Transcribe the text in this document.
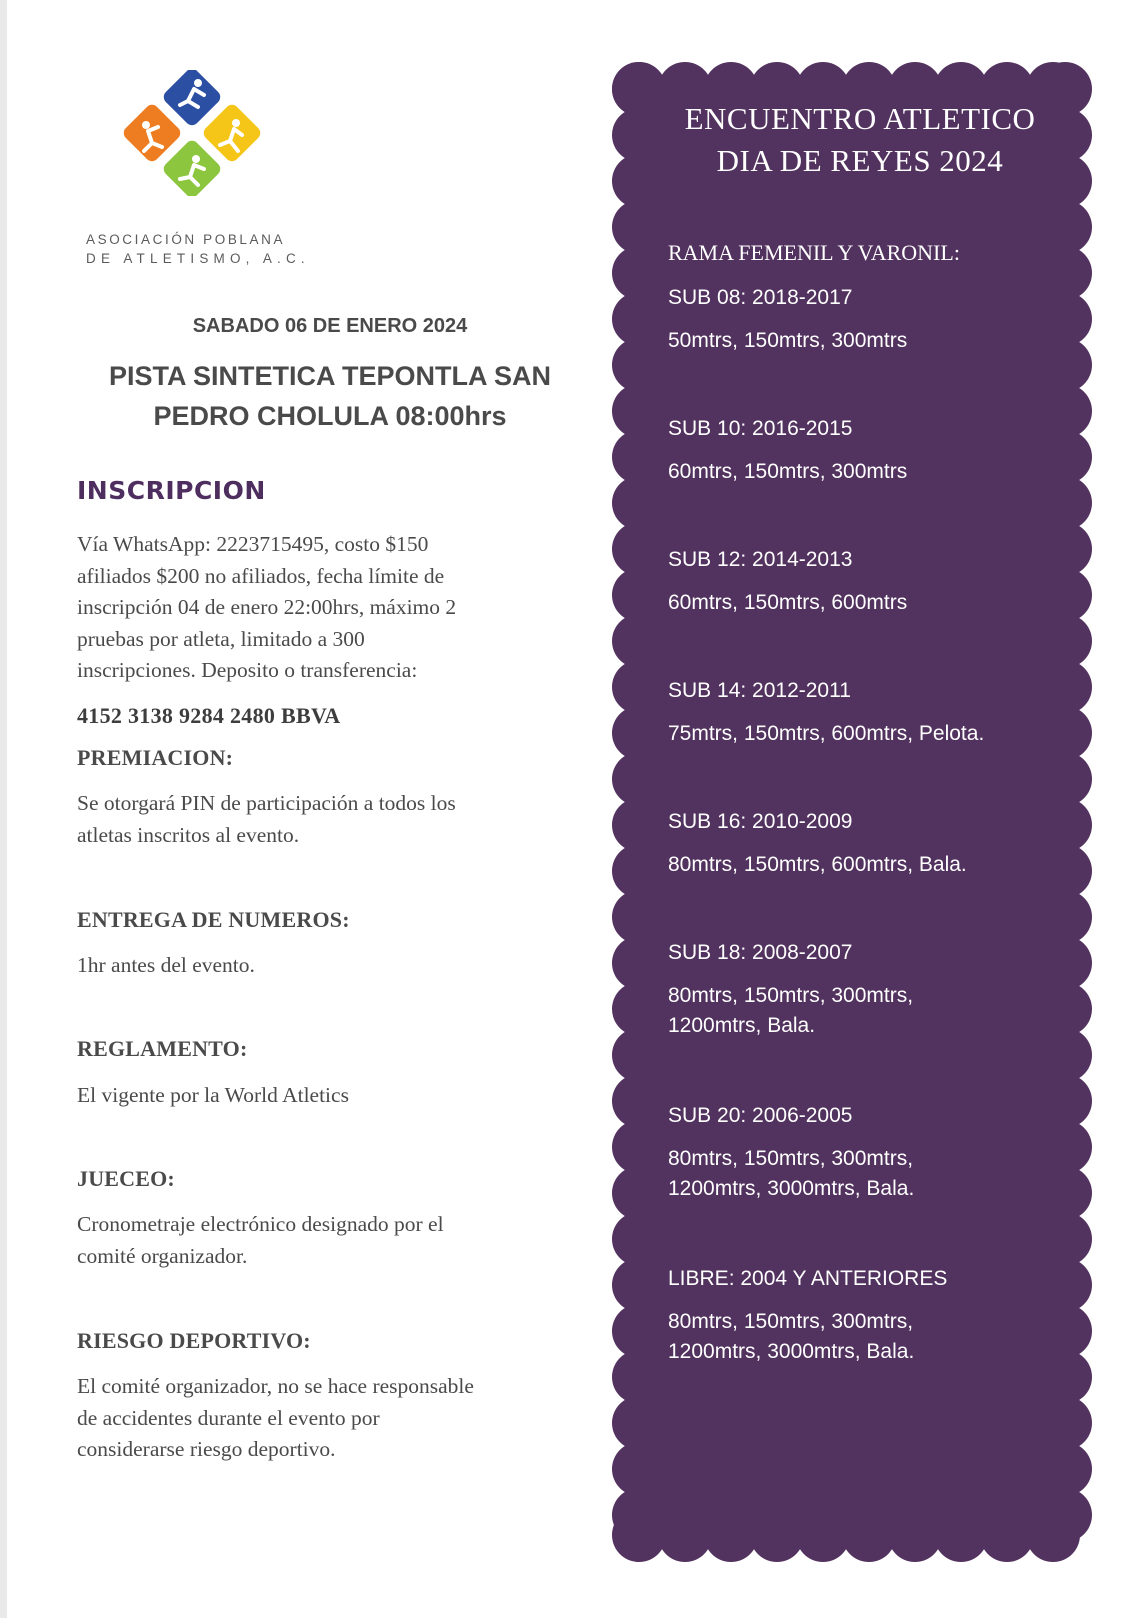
ASOCIACIÓN POBLANA
DE ATLETISMO, A.C.
SABADO 06 DE ENERO 2024
PISTA SINTETICA TEPONTLA SAN
PEDRO CHOLULA 08:00hrs
INSCRIPCION
Vía WhatsApp: 2223715495, costo $150
afiliados $200 no afiliados, fecha límite de
inscripción 04 de enero 22:00hrs, máximo 2
pruebas por atleta, limitado a 300
inscripciones. Deposito o transferencia:
4152 3138 9284 2480 BBVA
PREMIACION:
Se otorgará PIN de participación a todos los
atletas inscritos al evento.
ENTREGA DE NUMEROS:
1hr antes del evento.
REGLAMENTO:
El vigente por la World Atletics
JUECEO:
Cronometraje electrónico designado por el
comité organizador.
RIESGO DEPORTIVO:
El comité organizador, no se hace responsable
de accidentes durante el evento por
considerarse riesgo deportivo.
ENCUENTRO ATLETICO
DIA DE REYES 2024
RAMA FEMENIL Y VARONIL:
SUB 08: 2018-2017
50mtrs, 150mtrs, 300mtrs
SUB 10: 2016-2015
60mtrs, 150mtrs, 300mtrs
SUB 12: 2014-2013
60mtrs, 150mtrs, 600mtrs
SUB 14: 2012-2011
75mtrs, 150mtrs, 600mtrs, Pelota.
SUB 16: 2010-2009
80mtrs, 150mtrs, 600mtrs, Bala.
SUB 18: 2008-2007
80mtrs, 150mtrs, 300mtrs,
1200mtrs, Bala.
SUB 20: 2006-2005
80mtrs, 150mtrs, 300mtrs,
1200mtrs, 3000mtrs, Bala.
LIBRE: 2004 Y ANTERIORES
80mtrs, 150mtrs, 300mtrs,
1200mtrs, 3000mtrs, Bala.
